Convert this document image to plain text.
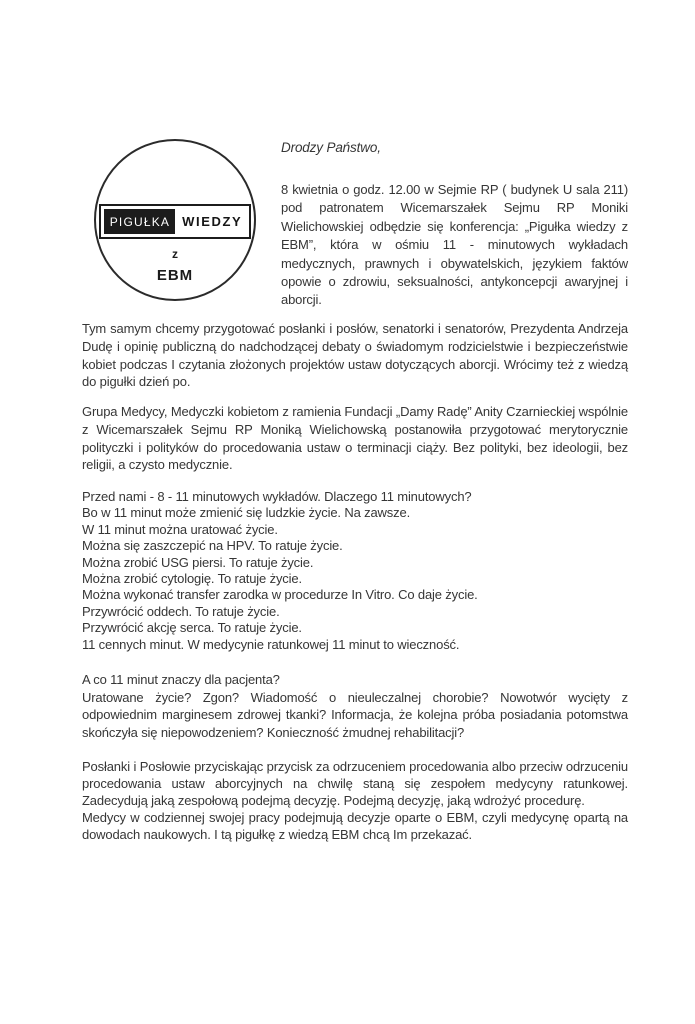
PIGUŁKA WIEDZY
z
EBM
Drodzy Państwo,
8 kwietnia o godz. 12.00 w Sejmie RP ( budynek U sala 211) pod patronatem Wicemarszałek Sejmu RP Moniki Wielichowskiej odbędzie się konferencja: „Pigułka wiedzy z EBM”, która w ośmiu 11 - minutowych wykładach medycznych, prawnych i obywatelskich, językiem faktów opowie o zdrowiu, seksualności, antykoncepcji awaryjnej i aborcji.
Tym samym chcemy przygotować posłanki i posłów, senatorki i senatorów, Prezydenta Andrzeja Dudę i opinię publiczną do nadchodzącej debaty o świadomym rodzicielstwie i bezpieczeństwie kobiet podczas I czytania złożonych projektów ustaw dotyczących aborcji. Wrócimy też z wiedzą do pigułki dzień po.
Grupa Medycy, Medyczki kobietom z ramienia Fundacji „Damy Radę” Anity Czarnieckiej wspólnie z Wicemarszałek Sejmu RP Moniką Wielichowską postanowiła przygotować merytorycznie polityczki i polityków do procedowania ustaw o terminacji ciąży. Bez polityki, bez ideologii, bez religii, a czysto medycznie.
Przed nami - 8 - 11 minutowych wykładów. Dlaczego 11 minutowych?
Bo w 11 minut może zmienić się ludzkie życie. Na zawsze.
W 11 minut można uratować życie.
Można się zaszczepić na HPV. To ratuje życie.
Można zrobić USG piersi. To ratuje życie.
Można zrobić cytologię. To ratuje życie.
Można wykonać transfer zarodka w procedurze In Vitro. Co daje życie.
Przywrócić oddech. To ratuje życie.
Przywrócić akcję serca. To ratuje życie.
11 cennych minut. W medycynie ratunkowej 11 minut to wieczność.
A co 11 minut znaczy dla pacjenta?
Uratowane życie? Zgon? Wiadomość o nieuleczalnej chorobie? Nowotwór wycięty z odpowiednim marginesem zdrowej tkanki? Informacja, że kolejna próba posiadania potomstwa skończyła się niepowodzeniem? Konieczność żmudnej rehabilitacji?
Posłanki i Posłowie przyciskając przycisk za odrzuceniem procedowania albo przeciw odrzuceniu procedowania ustaw aborcyjnych na chwilę staną się zespołem medycyny ratunkowej. Zadecydują jaką zespołową podejmą decyzję. Podejmą decyzję, jaką wdrożyć procedurę.
Medycy w codziennej swojej pracy podejmują decyzje oparte o EBM, czyli medycynę opartą na dowodach naukowych. I tą pigułkę z wiedzą EBM chcą Im przekazać.
